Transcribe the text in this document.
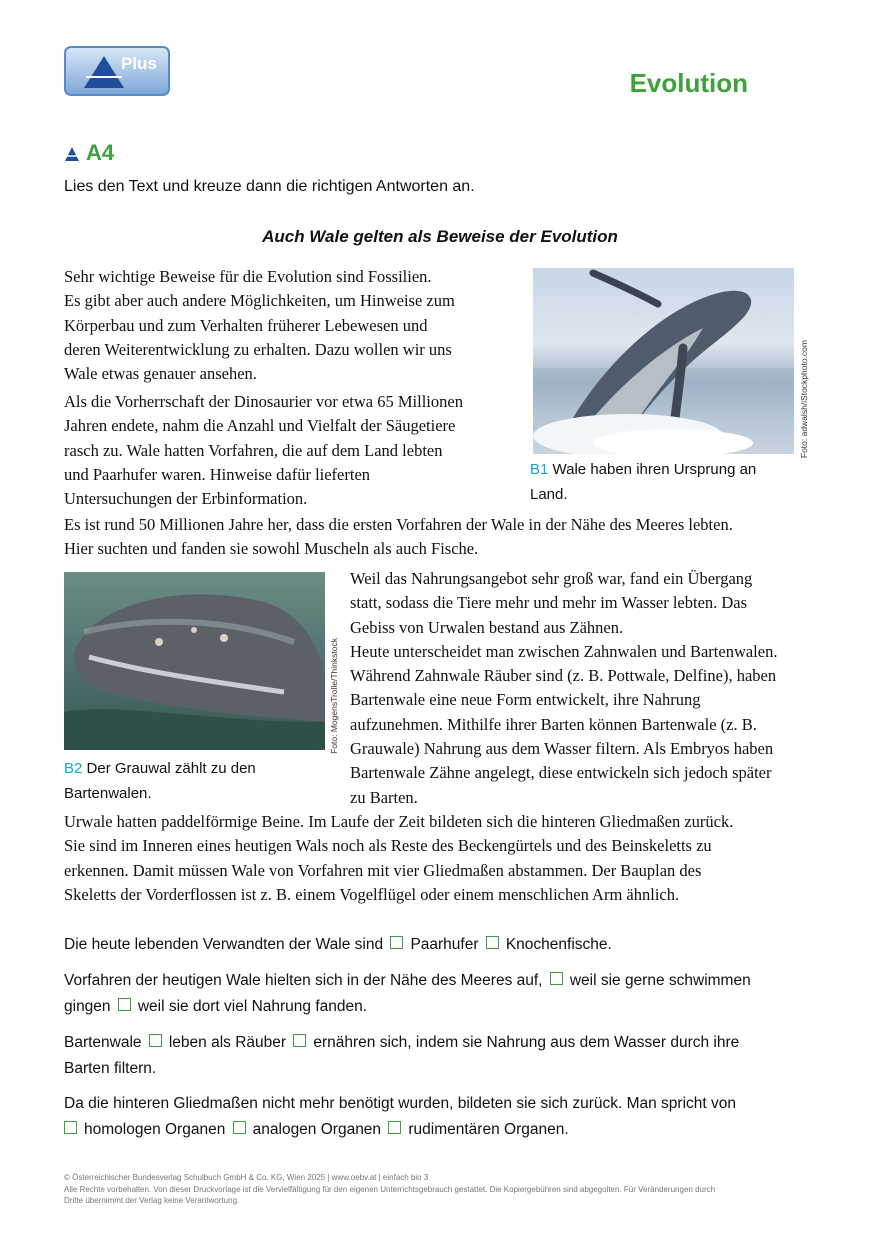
Plus
Evolution
A4
Lies den Text und kreuze dann die richtigen Antworten an.
Auch Wale gelten als Beweise der Evolution

Sehr wichtige Beweise für die Evolution sind Fossilien.
Es gibt aber auch andere Möglichkeiten, um Hinweise zum
Körperbau und zum Verhalten früherer Lebewesen und
deren Weiterentwicklung zu erhalten. Dazu wollen wir uns
Wale etwas genauer ansehen.

Als die Vorherrschaft der Dinosaurier vor etwa 65 Millionen
Jahren endete, nahm die Anzahl und Vielfalt der Säugetiere
rasch zu. Wale hatten Vorfahren, die auf dem Land lebten
und Paarhufer waren. Hinweise dafür lieferten
Untersuchungen der Erbinformation.

Foto: adwalsh/iStockphoto.com
B1 Wale haben ihren Ursprung an
Land.

Es ist rund 50 Millionen Jahre her, dass die ersten Vorfahren der Wale in der Nähe des Meeres lebten.
Hier suchten und fanden sie sowohl Muscheln als auch Fische.

Foto: MogensTrolle/Thinkstock
B2 Der Grauwal zählt zu den
Bartenwalen.

Weil das Nahrungsangebot sehr groß war, fand ein Übergang
statt, sodass die Tiere mehr und mehr im Wasser lebten. Das
Gebiss von Urwalen bestand aus Zähnen.
Heute unterscheidet man zwischen Zahnwalen und Bartenwalen.
Während Zahnwale Räuber sind (z. B. Pottwale, Delfine), haben
Bartenwale eine neue Form entwickelt, ihre Nahrung
aufzunehmen. Mithilfe ihrer Barten können Bartenwale (z. B.
Grauwale) Nahrung aus dem Wasser filtern. Als Embryos haben
Bartenwale Zähne angelegt, diese entwickeln sich jedoch später
zu Barten.

Urwale hatten paddelförmige Beine. Im Laufe der Zeit bildeten sich die hinteren Gliedmaßen zurück.
Sie sind im Inneren eines heutigen Wals noch als Reste des Beckengürtels und des Beinskeletts zu
erkennen. Damit müssen Wale von Vorfahren mit vier Gliedmaßen abstammen. Der Bauplan des
Skeletts der Vorderflossen ist z. B. einem Vogelflügel oder einem menschlichen Arm ähnlich.

Die heute lebenden Verwandten der Wale sind Paarhufer Knochenfische.
Vorfahren der heutigen Wale hielten sich in der Nähe des Meeres auf, weil sie gerne schwimmen
gingen weil sie dort viel Nahrung fanden.
Bartenwale leben als Räuber ernähren sich, indem sie Nahrung aus dem Wasser durch ihre
Barten filtern.
Da die hinteren Gliedmaßen nicht mehr benötigt wurden, bildeten sie sich zurück. Man spricht von
homologen Organen analogen Organen rudimentären Organen.
© Österreichischer Bundesverlag Schulbuch GmbH & Co. KG, Wien 2025 | www.oebv.at | einfach bio 3
Alle Rechte vorbehalten. Von dieser Druckvorlage ist die Vervielfältigung für den eigenen Unterrichtsgebrauch gestattet. Die Kopiergebühren sind abgegolten. Für Veränderungen durch
Dritte übernimmt der Verlag keine Verantwortung.
